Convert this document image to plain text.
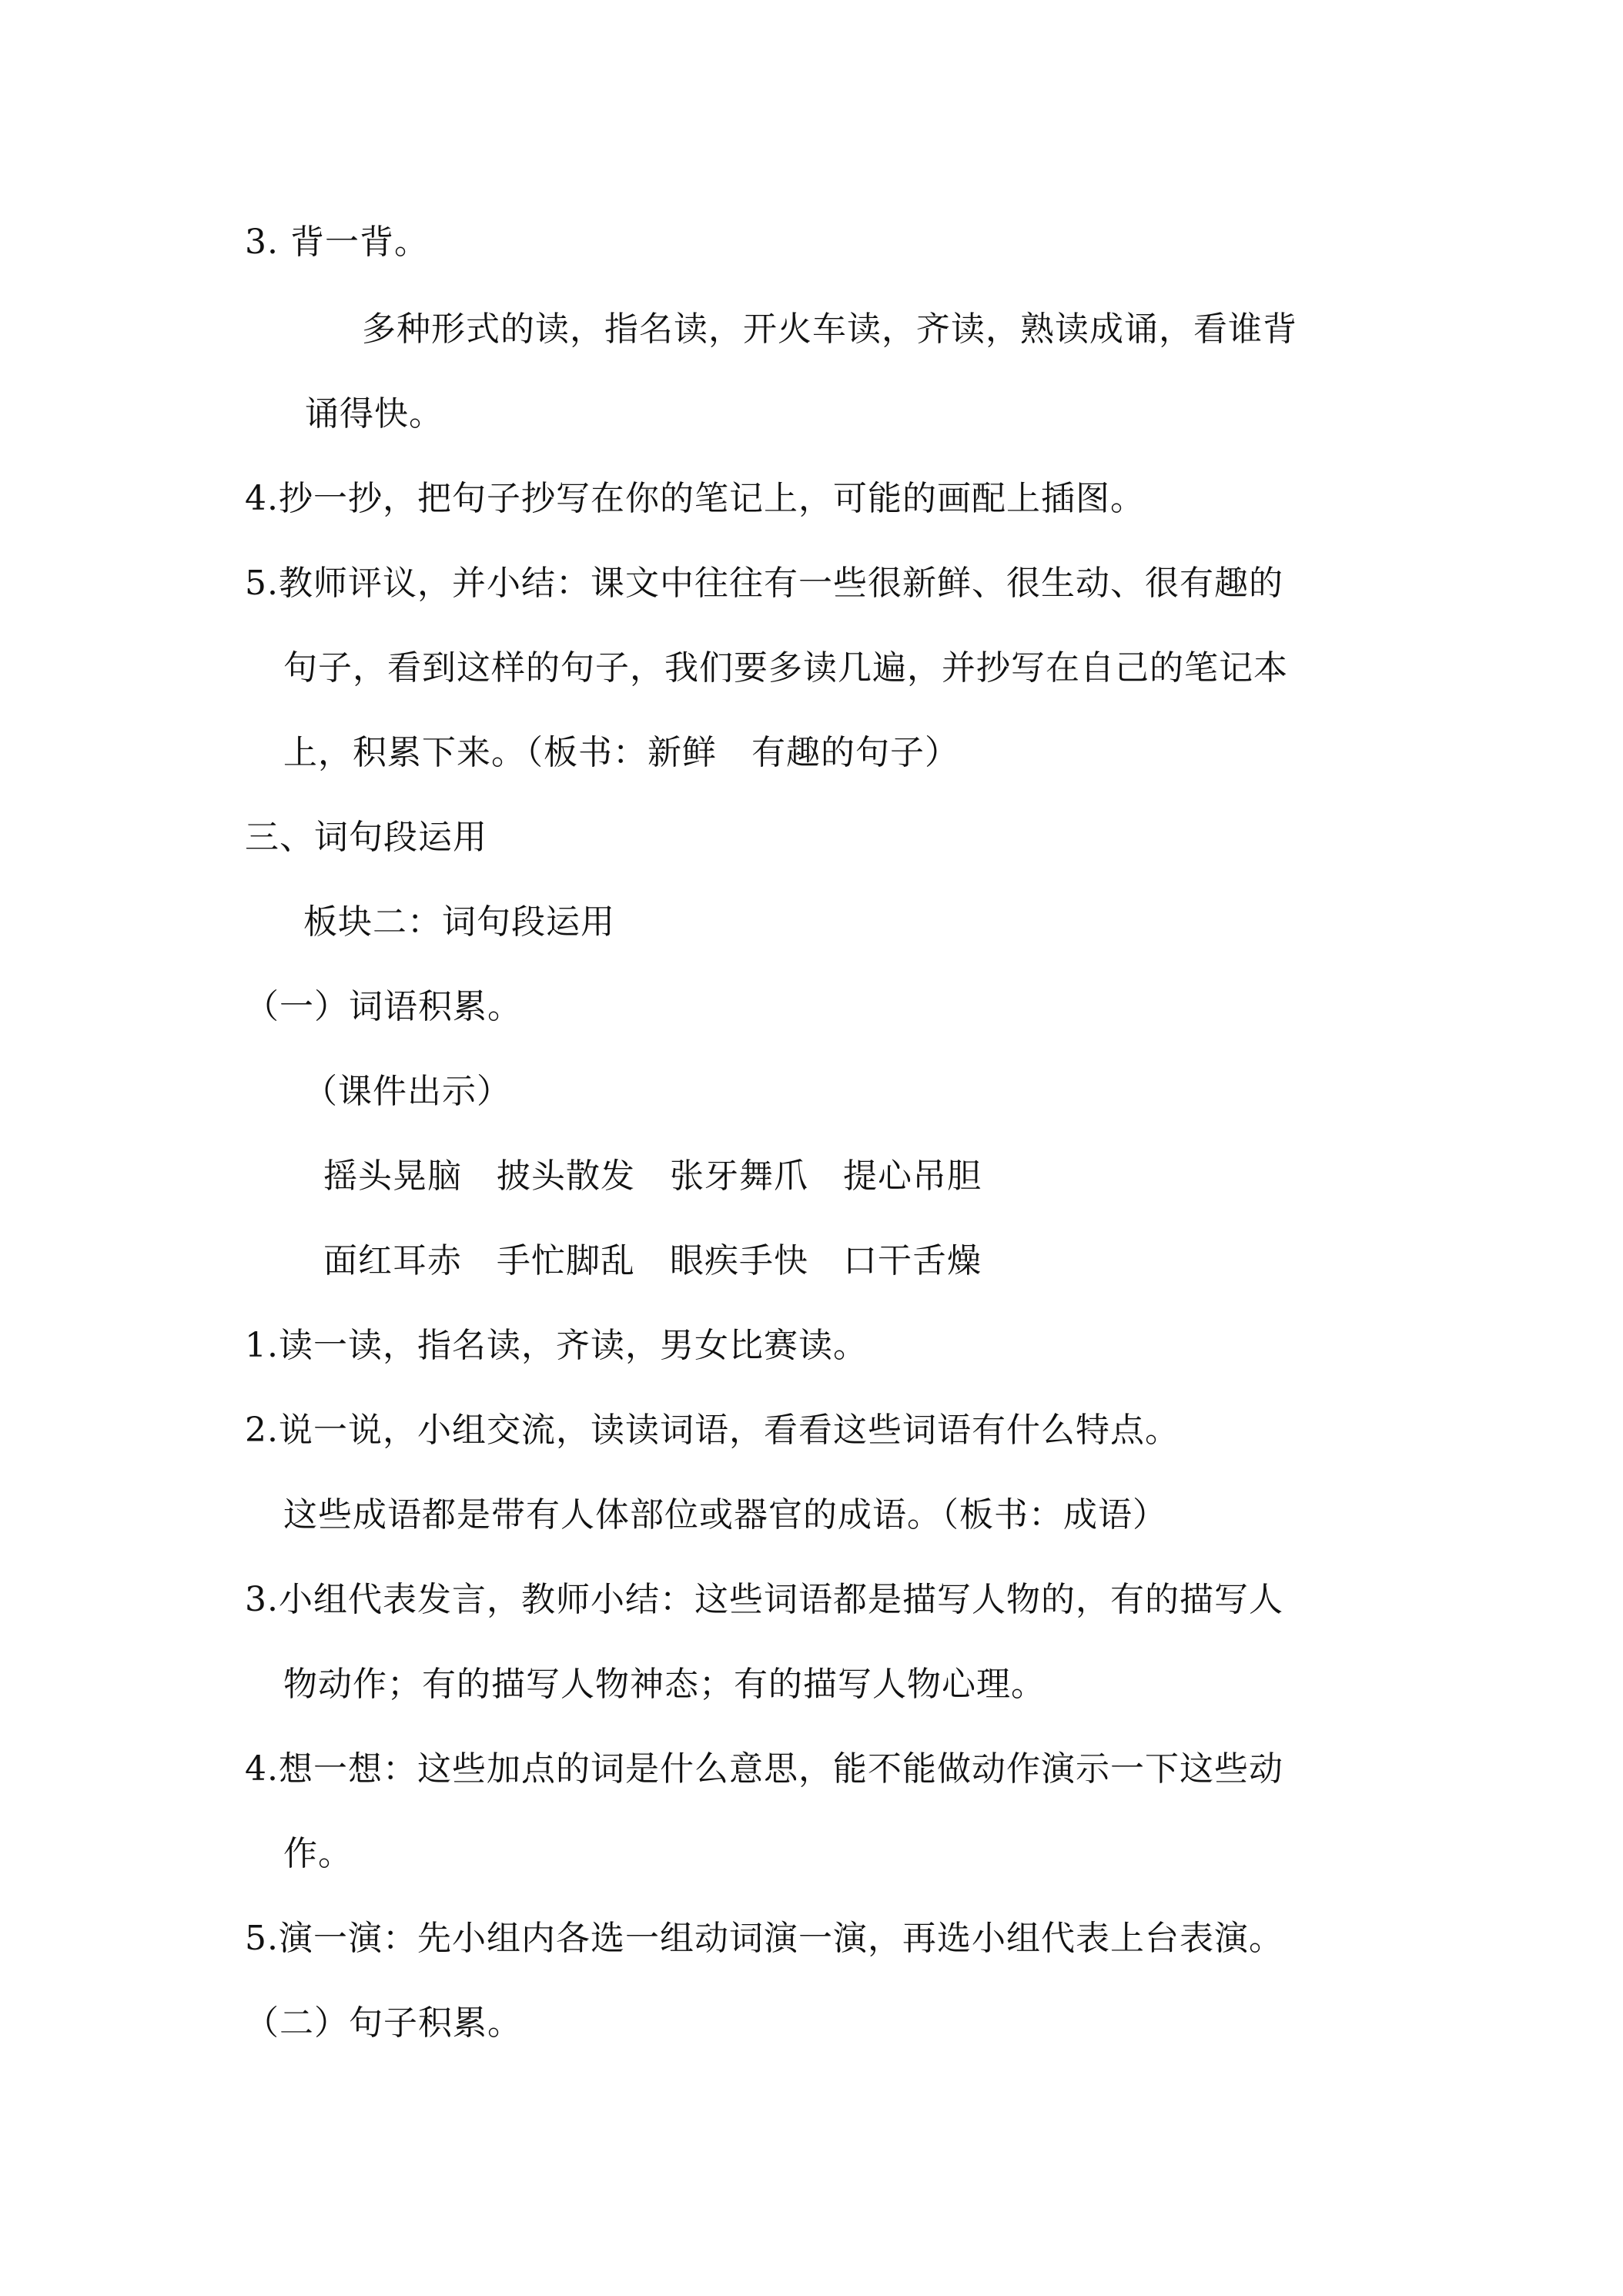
3. 背一背。
多种形式的读，指名读，开火车读，齐读，熟读成诵，看谁背
诵得快。
4.抄一抄，把句子抄写在你的笔记上，可能的画配上插图。
5.教师评议，并小结：课文中往往有一些很新鲜、很生动、很有趣的
句子，看到这样的句子，我们要多读几遍，并抄写在自己的笔记本
上，积累下来。（板书：新鲜　有趣的句子）
三、词句段运用
板块二：词句段运用
（一）词语积累。
（课件出示）
摇头晃脑　披头散发　张牙舞爪　提心吊胆
面红耳赤　手忙脚乱　眼疾手快　口干舌燥
1.读一读，指名读，齐读，男女比赛读。
2.说一说，小组交流，读读词语，看看这些词语有什么特点。
这些成语都是带有人体部位或器官的成语。（板书：成语）
3.小组代表发言，教师小结：这些词语都是描写人物的，有的描写人
物动作；有的描写人物神态；有的描写人物心理。
4.想一想：这些加点的词是什么意思，能不能做动作演示一下这些动
作。
5.演一演：先小组内各选一组动词演一演，再选小组代表上台表演。
（二）句子积累。
